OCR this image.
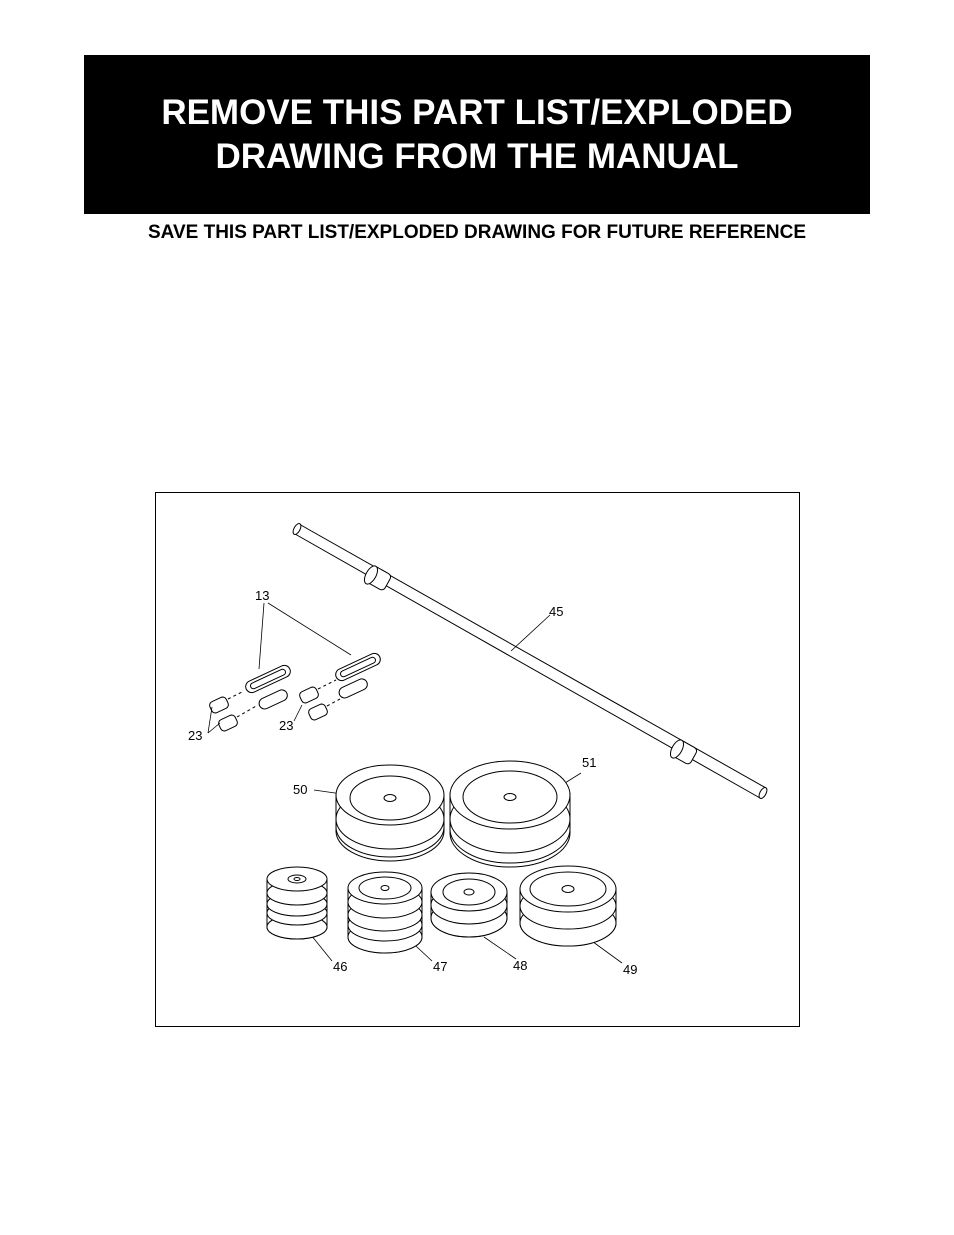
REMOVE THIS PART LIST/EXPLODED
DRAWING FROM THE MANUAL

SAVE THIS PART LIST/EXPLODED DRAWING FOR FUTURE REFERENCE

13
45
23
23
51
50
46	47	48	49
